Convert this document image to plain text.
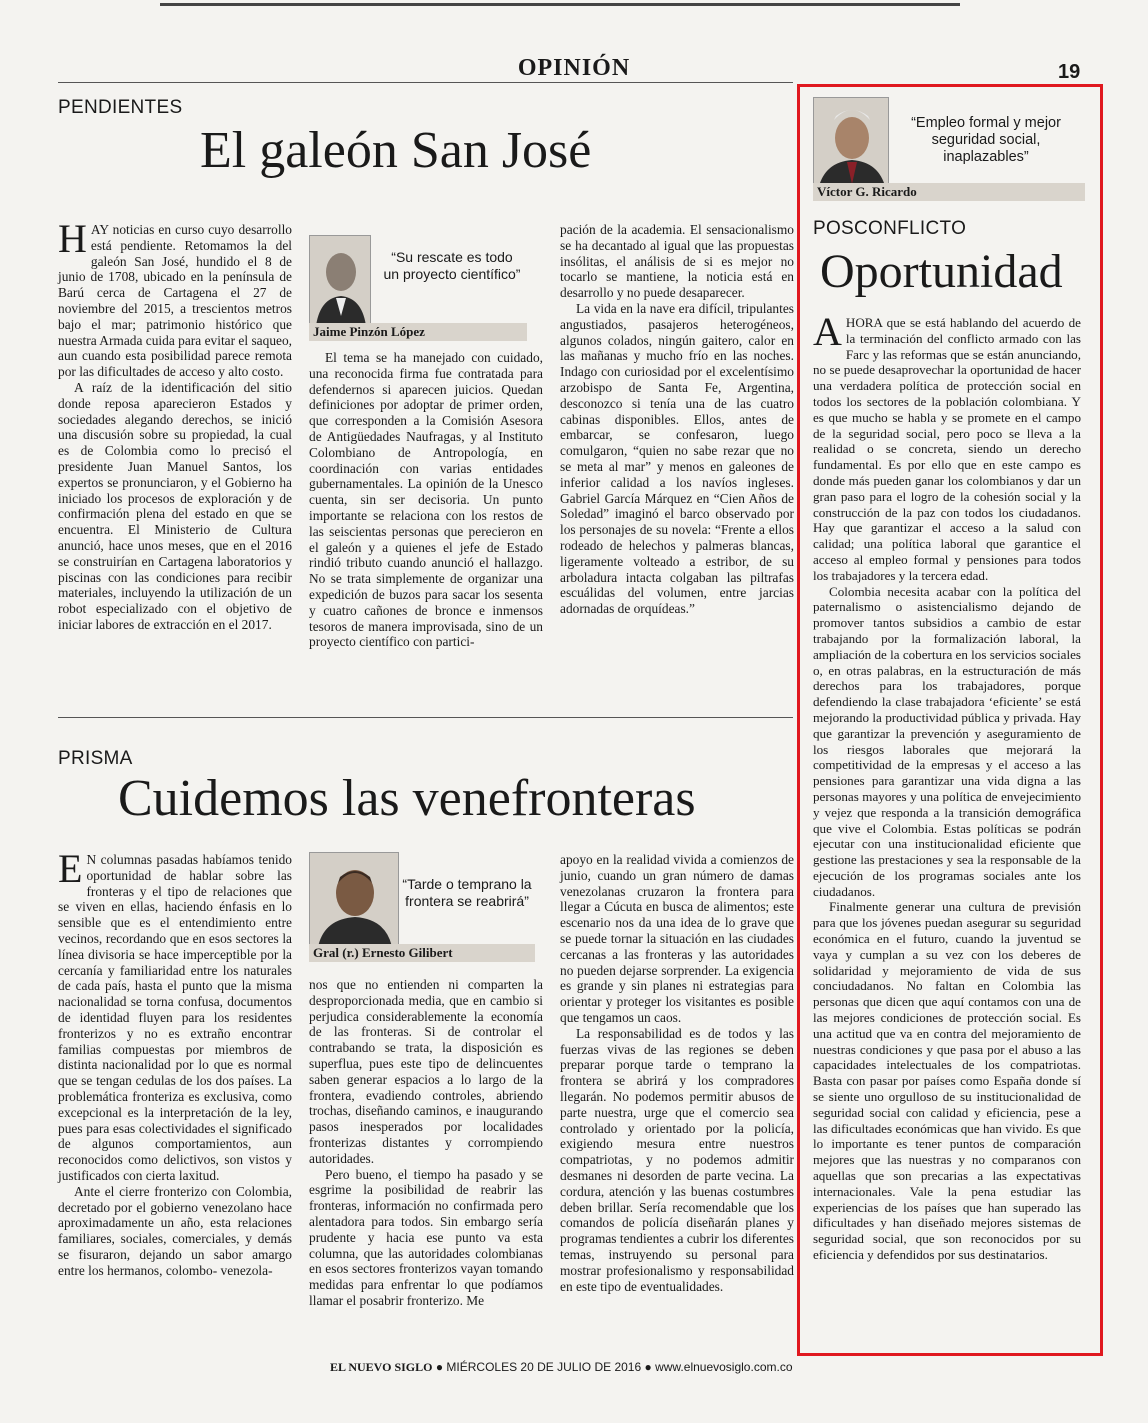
OPINIÓN	19
PENDIENTES
El galeón San José

HAY noticias en curso cuyo desarrollo está pendiente. Retomamos la del galeón San José, hundido el 8 de junio de 1708, ubicado en la península de Barú cerca de Cartagena el 27 de noviembre del 2015, a trescientos metros bajo el mar; patrimonio histórico que nuestra Armada cuida para evitar el saqueo, aun cuando esta posibilidad parece remota por las dificultades de acceso y alto costo.

A raíz de la identificación del sitio donde reposa aparecieron Estados y sociedades alegando derechos, se inició una discusión sobre su propiedad, la cual es de Colombia como lo precisó el presidente Juan Manuel Santos, los expertos se pronunciaron, y el Gobierno ha iniciado los procesos de exploración y de confirmación plena del estado en que se encuentra. El Ministerio de Cultura anunció, hace unos meses, que en el 2016 se construirían en Cartagena laboratorios y piscinas con las condiciones para recibir materiales, incluyendo la utilización de un robot especializado con el objetivo de iniciar labores de extracción en el 2017.

“Su rescate es todo un proyecto científico”
Jaime Pinzón López

El tema se ha manejado con cuidado, una reconocida firma fue contratada para defendernos si aparecen juicios. Quedan definiciones por adoptar de primer orden, que corresponden a la Comisión Asesora de Antigüedades Naufragas, y al Instituto Colombiano de Antropología, en coordinación con varias entidades gubernamentales. La opinión de la Unesco cuenta, sin ser decisoria. Un punto importante se relaciona con los restos de las seiscientas personas que perecieron en el galeón y a quienes el jefe de Estado rindió tributo cuando anunció el hallazgo. No se trata simplemente de organizar una expedición de buzos para sacar los sesenta y cuatro cañones de bronce e inmensos tesoros de manera improvisada, sino de un proyecto científico con partici-

pación de la academia. El sensacionalismo se ha decantado al igual que las propuestas insólitas, el análisis de si es mejor no tocarlo se mantiene, la noticia está en desarrollo y no puede desaparecer.

La vida en la nave era difícil, tripulantes angustiados, pasajeros heterogéneos, algunos colados, ningún gaitero, calor en las mañanas y mucho frío en las noches. Indago con curiosidad por el excelentísimo arzobispo de Santa Fe, Argentina, desconozco si tenía una de las cuatro cabinas disponibles. Ellos, antes de embarcar, se confesaron, luego comulgaron, “quien no sabe rezar que no se meta al mar” y menos en galeones de inferior calidad a los navíos ingleses. Gabriel García Márquez en “Cien Años de Soledad” imaginó el barco observado por los personajes de su novela: “Frente a ellos rodeado de helechos y palmeras blancas, ligeramente volteado a estribor, de su arboladura intacta colgaban las piltrafas escuálidas del volumen, entre jarcias adornadas de orquídeas.”

PRISMA
Cuidemos las venefronteras

E N columnas pasadas habíamos tenido oportunidad de hablar sobre las fronteras y el tipo de relaciones que se viven en ellas, haciendo énfasis en lo sensible que es el entendimiento entre vecinos, recordando que en esos sectores la línea divisoria se hace imperceptible por la cercanía y familiaridad entre los naturales de cada país, hasta el punto que la misma nacionalidad se torna confusa, documentos de identidad fluyen para los residentes fronterizos y no es extraño encontrar familias compuestas por miembros de distinta nacionalidad por lo que es normal que se tengan cedulas de los dos países. La problemática fronteriza es exclusiva, como excepcional es la interpretación de la ley, pues para esas colectividades el significado de algunos comportamientos, aun reconocidos como delictivos, son vistos y justificados con cierta laxitud.

Ante el cierre fronterizo con Colombia, decretado por el gobierno venezolano hace aproximadamente un año, esta relaciones familiares, sociales, comerciales, y demás se fisuraron, dejando un sabor amargo entre los hermanos, colombo- venezola-

“Tarde o temprano la frontera se reabrirá”
Gral (r.) Ernesto Gilibert

nos que no entienden ni comparten la desproporcionada media, que en cambio si perjudica considerablemente la economía de las fronteras. Si de controlar el contrabando se trata, la disposición es superflua, pues este tipo de delincuentes saben generar espacios a lo largo de la frontera, evadiendo controles, abriendo trochas, diseñando caminos, e inaugurando pasos inesperados por localidades fronterizas distantes y corrompiendo autoridades.

Pero bueno, el tiempo ha pasado y se esgrime la posibilidad de reabrir las fronteras, información no confirmada pero alentadora para todos. Sin embargo sería prudente y hacia ese punto va esta columna, que las autoridades colombianas en esos sectores fronterizos vayan tomando medidas para enfrentar lo que podíamos llamar el posabrir fronterizo. Me

apoyo en la realidad vivida a comienzos de junio, cuando un gran número de damas venezolanas cruzaron la frontera para llegar a Cúcuta en busca de alimentos; este escenario nos da una idea de lo grave que se puede tornar la situación en las ciudades cercanas a las fronteras y las autoridades no pueden dejarse sorprender. La exigencia es grande y sin planes ni estrategias para orientar y proteger los visitantes es posible que tengamos un caos.

La responsabilidad es de todos y las fuerzas vivas de las regiones se deben preparar porque tarde o temprano la frontera se abrirá y los compradores llegarán. No podemos permitir abusos de parte nuestra, urge que el comercio sea controlado y orientado por la policía, exigiendo mesura entre nuestros compatriotas, y no podemos admitir desmanes ni desorden de parte vecina. La cordura, atención y las buenas costumbres deben brillar. Sería recomendable que los comandos de policía diseñarán planes y programas tendientes a cubrir los diferentes temas, instruyendo su personal para mostrar profesionalismo y responsabilidad en este tipo de eventualidades.

“Empleo formal y mejor seguridad social, inaplazables”
Víctor G. Ricardo
POSCONFLICTO
Oportunidad

AHORA que se está hablando del acuerdo de la terminación del conflicto armado con las Farc y las reformas que se están anunciando, no se puede desaprovechar la oportunidad de hacer una verdadera política de protección social en todos los sectores de la población colombiana. Y es que mucho se habla y se promete en el campo de la seguridad social, pero poco se lleva a la realidad o se concreta, siendo un derecho fundamental. Es por ello que en este campo es donde más pueden ganar los colombianos y dar un gran paso para el logro de la cohesión social y la construcción de la paz con todos los ciudadanos. Hay que garantizar el acceso a la salud con calidad; una política laboral que garantice el acceso al empleo formal y pensiones para todos los trabajadores y la tercera edad.

Colombia necesita acabar con la política del paternalismo o asistencialismo dejando de promover tantos subsidios a cambio de estar trabajando por la formalización laboral, la ampliación de la cobertura en los servicios sociales o, en otras palabras, en la estructuración de más derechos para los trabajadores, porque defendiendo la clase trabajadora ‘eficiente’ se está mejorando la productividad pública y privada. Hay que garantizar la prevención y aseguramiento de los riesgos laborales que mejorará la competitividad de la empresas y el acceso a las pensiones para garantizar una vida digna a las personas mayores y una política de envejecimiento y vejez que responda a la transición demográfica que vive el Colombia. Estas políticas se podrán ejecutar con una institucionalidad eficiente que gestione las prestaciones y sea la responsable de la ejecución de los programas sociales ante los ciudadanos.

Finalmente generar una cultura de previsión para que los jóvenes puedan asegurar su seguridad económica en el futuro, cuando la juventud se vaya y cumplan a su vez con los deberes de solidaridad y mejoramiento de vida de sus conciudadanos. No faltan en Colombia las personas que dicen que aquí contamos con una de las mejores condiciones de protección social. Es una actitud que va en contra del mejoramiento de nuestras condiciones y que pasa por el abuso a las capacidades intelectuales de los compatriotas. Basta con pasar por países como España donde sí se siente uno orgulloso de su institucionalidad de seguridad social con calidad y eficiencia, pese a las dificultades económicas que han vivido. Es que lo importante es tener puntos de comparación mejores que las nuestras y no comparanos con aquellas que son precarias a las expectativas internacionales. Vale la pena estudiar las experiencias de los países que han superado las dificultades y han diseñado mejores sistemas de seguridad social, que son reconocidos por su eficiencia y defendidos por sus destinatarios.

EL NUEVO SIGLO ● MIÉRCOLES 20 DE JULIO DE 2016 ● www.elnuevosiglo.com.co
